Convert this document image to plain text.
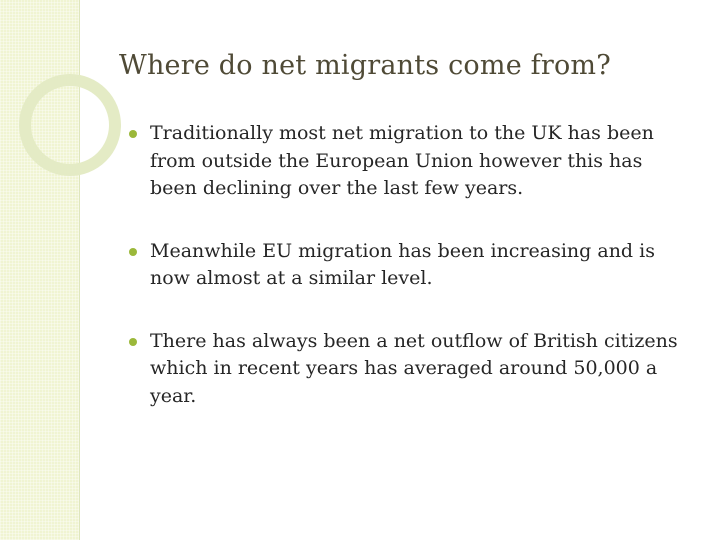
Where do net migrants come from?
Traditionally most net migration to the UK has been from outside the European Union however this has been declining over the last few years.
Meanwhile EU migration has been increasing and is now almost at a similar level.
There has always been a net outflow of British citizens which in recent years has averaged around 50,000 a year.
